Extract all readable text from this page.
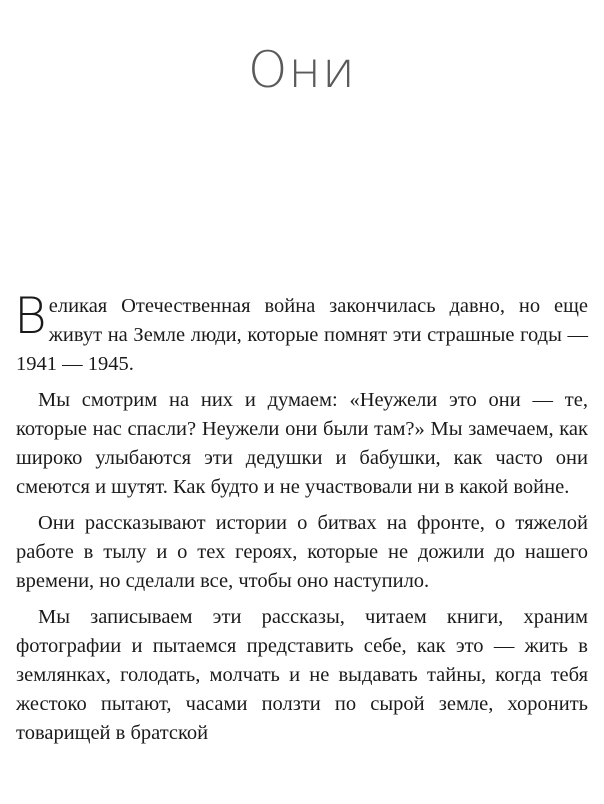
Они

Великая Отечественная война закончилась давно, но еще живут на Земле люди, которые помнят эти страшные годы — 1941 — 1945.

Мы смотрим на них и думаем: «Неужели это они — те, которые нас спасли? Неужели они были там?» Мы замечаем, как широко улыбаются эти дедушки и бабушки, как часто они смеются и шутят. Как будто и не участвовали ни в какой войне.

Они рассказывают истории о битвах на фронте, о тяжелой работе в тылу и о тех героях, которые не дожили до нашего времени, но сделали все, чтобы оно наступило.

Мы записываем эти рассказы, читаем книги, храним фотографии и пытаемся представить себе, как это — жить в землянках, голодать, молчать и не выдавать тайны, когда тебя жестоко пытают, часами ползти по сырой земле, хоронить товарищей в братской
